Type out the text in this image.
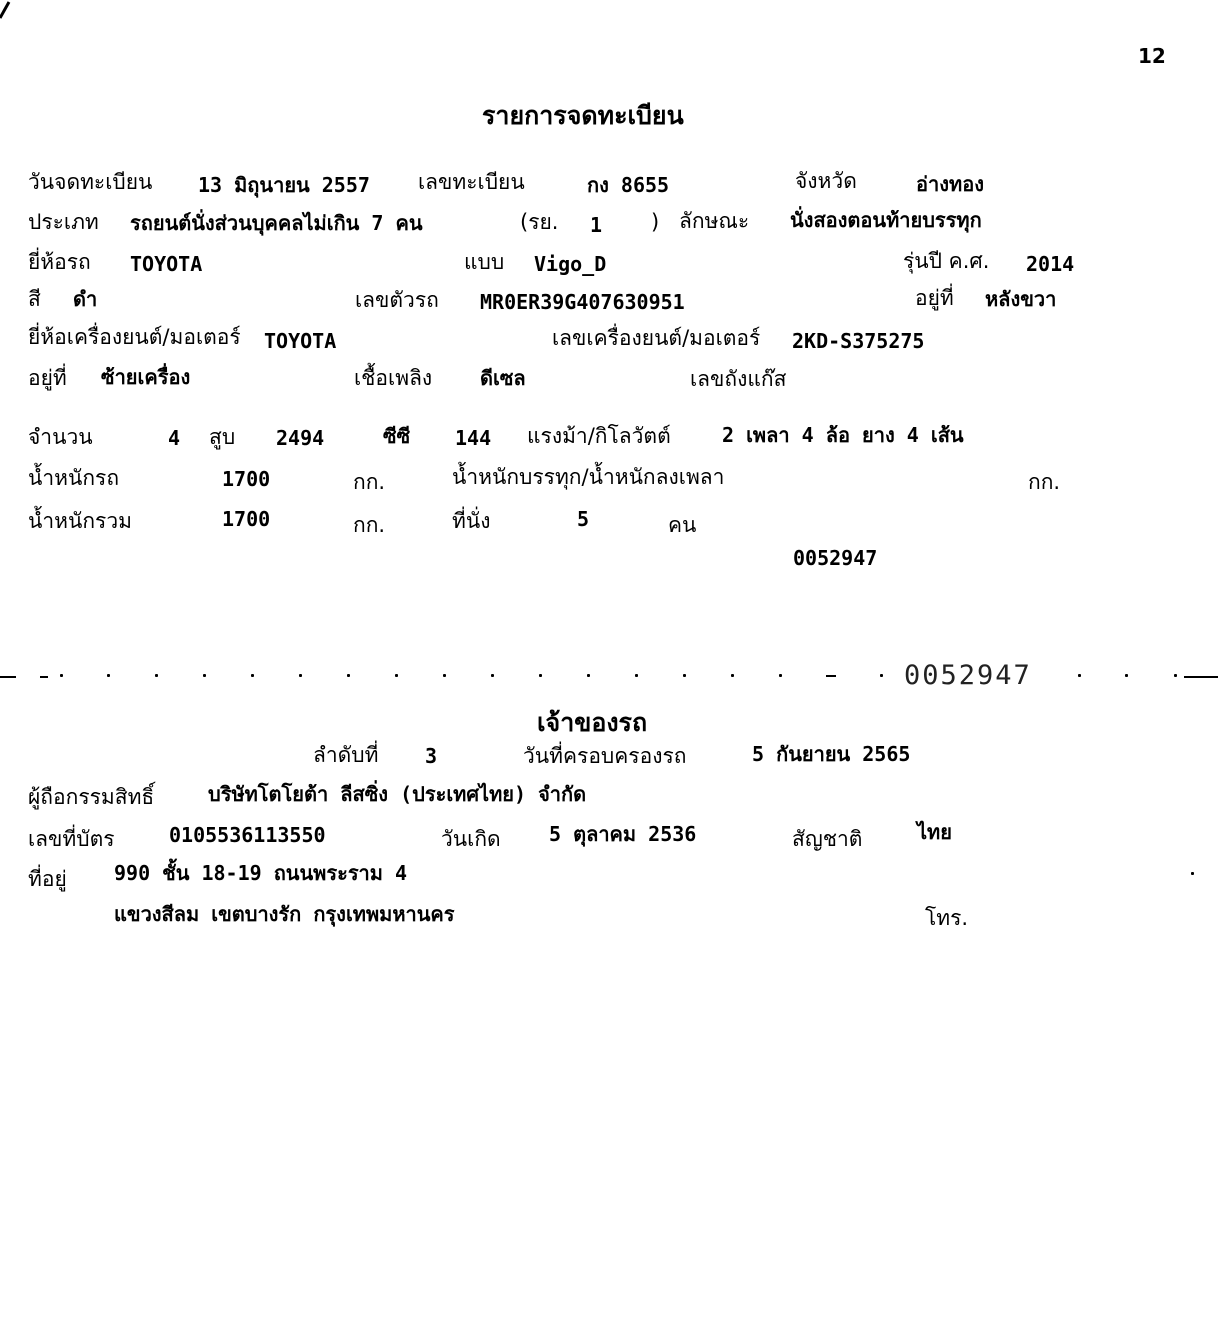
12
รายการจดทะเบียน
วันจดทะเบียน 13 มิถุนายน 2557 เลขทะเบียน	กง 8655	จังหวัด	อ่างทอง
ประเภท รถยนต์นั่งส่วนบุคคลไม่เกิน 7 คน	(รย. 1 ) ลักษณะ นั่งสองตอนท้ายบรรทุก
ยี่ห้อรถ TOYOTA	แบบ Vigo_D	รุ่นปี ค.ศ. 2014
สี ดำ	เลขตัวรถ MR0ER39G407630951	อยู่ที่ หลังขวา
ยี่ห้อเครื่องยนต์/มอเตอร์ TOYOTA	เลขเครื่องยนต์/มอเตอร์ 2KD-S375275
อยู่ที่ ซ้ายเครื่อง	เชื้อเพลิง ดีเซล	เลขถังแก๊ส
จำนวน	4 สูบ 2494	ซีซี 144 แรงม้า/กิโลวัตต์	2 เพลา 4 ล้อ ยาง 4 เส้น
น้ำหนักรถ	1700	กก.	น้ำหนักบรรทุก/น้ำหนักลงเพลา	กก.
น้ำหนักรวม	1700	กก.	ที่นั่ง	5	คน
0052947
0052947
เจ้าของรถ
ลำดับที่ 3	วันที่ครอบครองรถ	5 กันยายน 2565
ผู้ถือกรรมสิทธิ์	บริษัทโตโยต้า ลีสซิ่ง (ประเทศไทย) จำกัด
เลขที่บัตร	0105536113550	วันเกิด 5 ตุลาคม 2536	สัญชาติ	ไทย
ที่อยู่ 990 ชั้น 18-19 ถนนพระราม 4
แขวงสีลม เขตบางรัก กรุงเทพมหานคร	โทร.
